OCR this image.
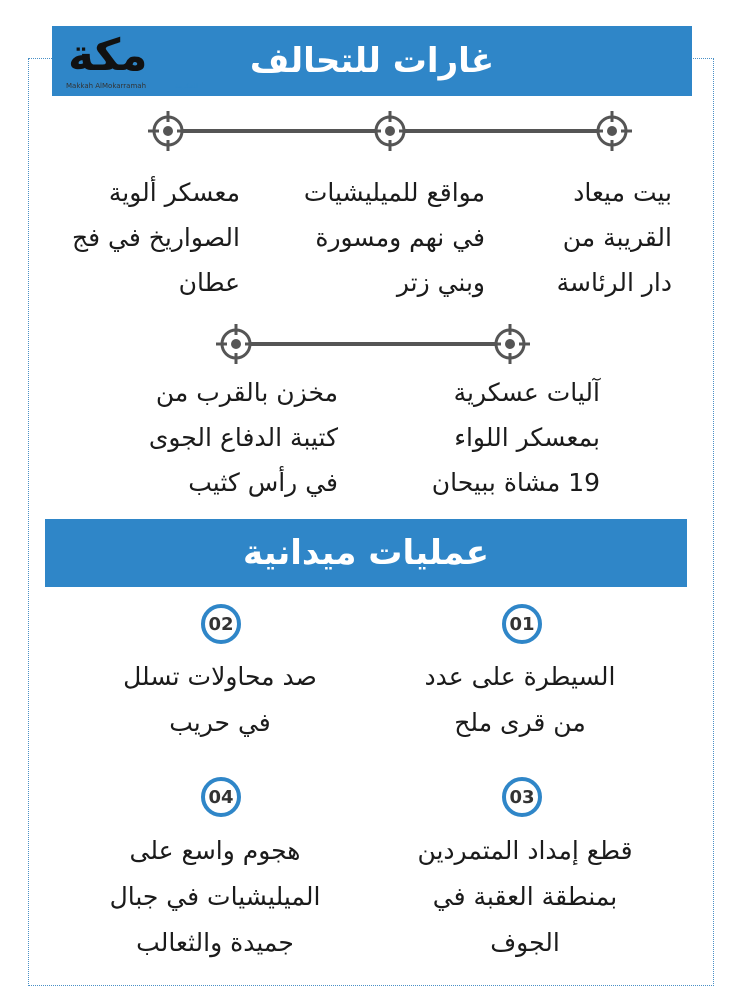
غارات للتحالف
مكة
Makkah AlMokarramah	المكرمة
بيت ميعاد
القريبة من
دار الرئاسة
مواقع للميليشيات
في نهم ومسورة
وبني زتر
معسكر ألوية
الصواريخ في فج
عطان
آليات عسكرية
بمعسكر اللواء
19 مشاة ببيحان
مخزن بالقرب من
كتيبة الدفاع الجوى
في رأس كثيب
عمليات ميدانية
01
02
03
04
السيطرة على عدد
من قرى ملح
صد محاولات تسلل
في حريب
قطع إمداد المتمردين
بمنطقة العقبة في
الجوف
هجوم واسع على
الميليشيات في جبال
جميدة والثعالب
